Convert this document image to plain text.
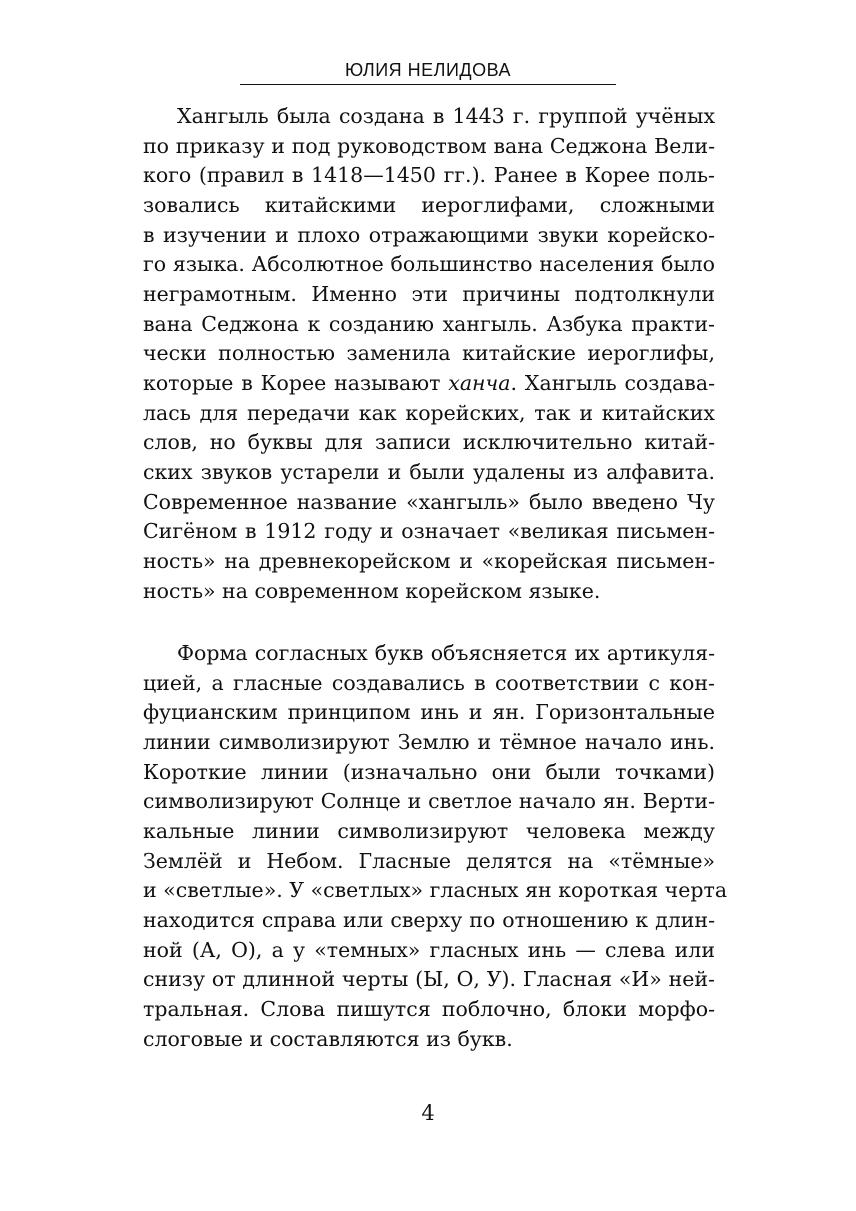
ЮЛИЯ НЕЛИДОВА
Хангыль была создана в 1443 г. группой учёных
по приказу и под руководством вана Седжона Вели-
кого (правил в 1418—1450 гг.). Ранее в Корее поль-
зовались китайскими иероглифами, сложными
в изучении и плохо отражающими звуки корейско-
го языка. Абсолютное большинство населения было
неграмотным. Именно эти причины подтолкнули
вана Седжона к созданию хангыль. Азбука практи-
чески полностью заменила китайские иероглифы,
которые в Корее называют ханча. Хангыль создава-
лась для передачи как корейских, так и китайских
слов, но буквы для записи исключительно китай-
ских звуков устарели и были удалены из алфавита.
Современное название «хангыль» было введено Чу
Сигёном в 1912 году и означает «великая письмен-
ность» на древнекорейском и «корейская письмен-
ность» на современном корейском языке.
Форма согласных букв объясняется их артикуля-
цией, а гласные создавались в соответствии с кон-
фуцианским принципом инь и ян. Горизонтальные
линии символизируют Землю и тёмное начало инь.
Короткие линии (изначально они были точками)
символизируют Солнце и светлое начало ян. Верти-
кальные линии символизируют человека между
Землёй и Небом. Гласные делятся на «тёмные»
и «светлые». У «светлых» гласных ян короткая черта
находится справа или сверху по отношению к длин-
ной (А, О), а у «темных» гласных инь — слева или
снизу от длинной черты (Ы, О, У). Гласная «И» ней-
тральная. Слова пишутся поблочно, блоки морфо-
слоговые и составляются из букв.
4
